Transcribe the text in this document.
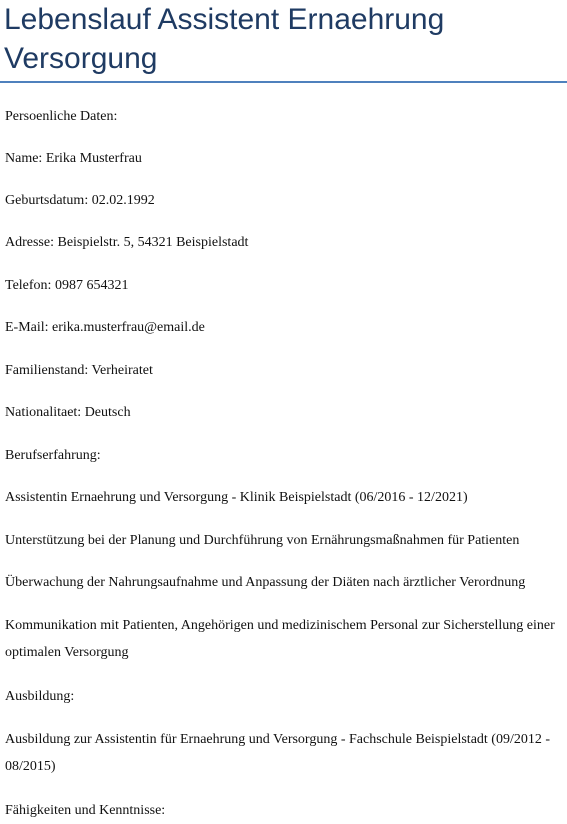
Lebenslauf Assistent Ernaehrung Versorgung

Persoenliche Daten:

Name: Erika Musterfrau

Geburtsdatum: 02.02.1992

Adresse: Beispielstr. 5, 54321 Beispielstadt

Telefon: 0987 654321

E-Mail: erika.musterfrau@email.de

Familienstand: Verheiratet

Nationalitaet: Deutsch

Berufserfahrung:

Assistentin Ernaehrung und Versorgung - Klinik Beispielstadt (06/2016 - 12/2021)

Unterstützung bei der Planung und Durchführung von Ernährungsmaßnahmen für Patienten

Überwachung der Nahrungsaufnahme und Anpassung der Diäten nach ärztlicher Verordnung

Kommunikation mit Patienten, Angehörigen und medizinischem Personal zur Sicherstellung einer optimalen Versorgung

Ausbildung:

Ausbildung zur Assistentin für Ernaehrung und Versorgung - Fachschule Beispielstadt (09/2012 - 08/2015)

Fähigkeiten und Kenntnisse:
